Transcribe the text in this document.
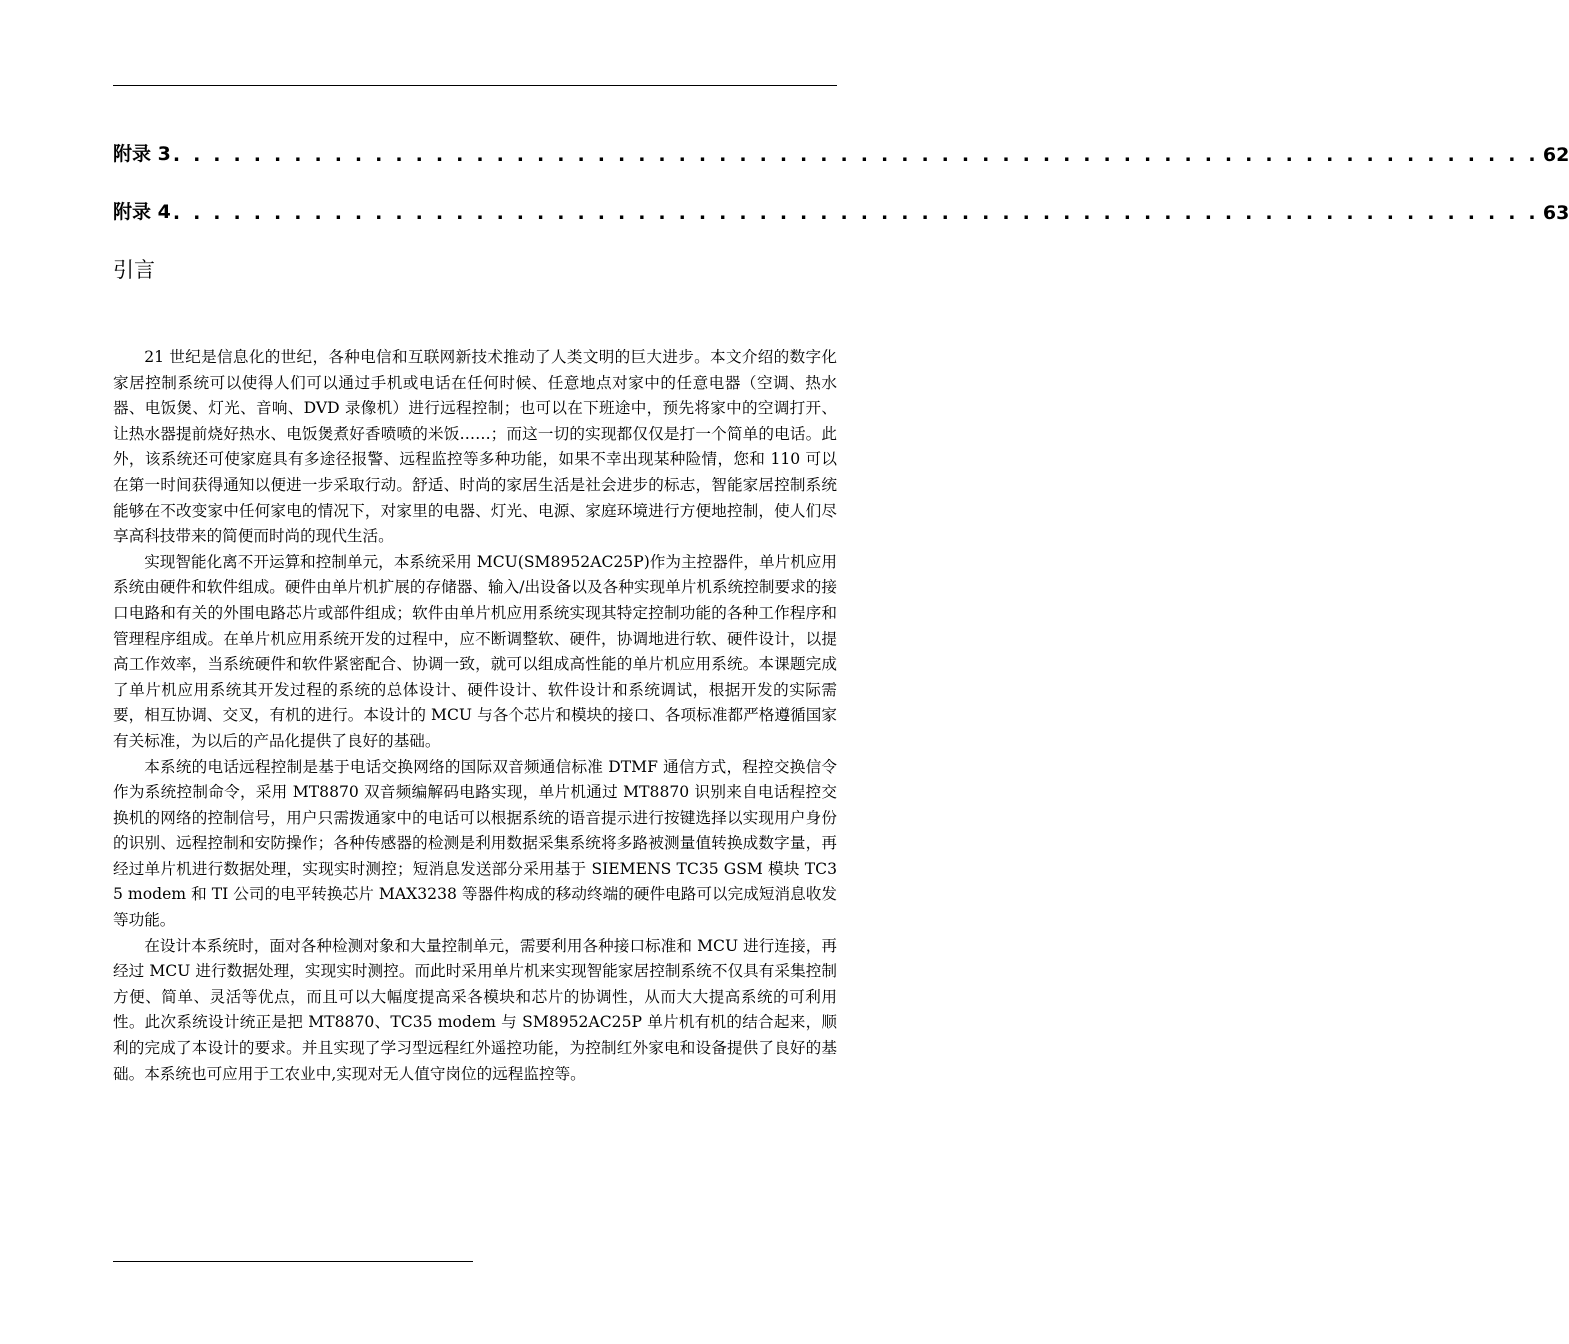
附录 3 . . . . . . . . . . . . . . . . . . . . . . . . . . . . . . . . . . . . . . . . . . . . . . . . . . . . . . . . . . . . . . . . . . . . 62
附录 4 . . . . . . . . . . . . . . . . . . . . . . . . . . . . . . . . . . . . . . . . . . . . . . . . . . . . . . . . . . . . . . . . . . . . 63
引言

21 世纪是信息化的世纪，各种电信和互联网新技术推动了人类文明的巨大进步。本文介绍的数字化家居控制系统可以使得人们可以通过手机或电话在任何时候、任意地点对家中的任意电器（空调、热水器、电饭煲、灯光、音响、DVD 录像机）进行远程控制；也可以在下班途中，预先将家中的空调打开、让热水器提前烧好热水、电饭煲煮好香喷喷的米饭……；而这一切的实现都仅仅是打一个简单的电话。此外，该系统还可使家庭具有多途径报警、远程监控等多种功能，如果不幸出现某种险情，您和 110 可以在第一时间获得通知以便进一步采取行动。舒适、时尚的家居生活是社会进步的标志，智能家居控制系统能够在不改变家中任何家电的情况下，对家里的电器、灯光、电源、家庭环境进行方便地控制，使人们尽享高科技带来的简便而时尚的现代生活。

实现智能化离不开运算和控制单元，本系统采用 MCU(SM8952AC25P)作为主控器件，单片机应用系统由硬件和软件组成。硬件由单片机扩展的存储器、输入/出设备以及各种实现单片机系统控制要求的接口电路和有关的外围电路芯片或部件组成；软件由单片机应用系统实现其特定控制功能的各种工作程序和管理程序组成。在单片机应用系统开发的过程中，应不断调整软、硬件，协调地进行软、硬件设计，以提高工作效率，当系统硬件和软件紧密配合、协调一致，就可以组成高性能的单片机应用系统。本课题完成了单片机应用系统其开发过程的系统的总体设计、硬件设计、软件设计和系统调试，根据开发的实际需要，相互协调、交叉，有机的进行。本设计的 MCU 与各个芯片和模块的接口、各项标准都严格遵循国家有关标准，为以后的产品化提供了良好的基础。

本系统的电话远程控制是基于电话交换网络的国际双音频通信标准 DTMF 通信方式，程控交换信令作为系统控制命令，采用 MT8870 双音频编解码电路实现，单片机通过 MT8870 识别来自电话程控交换机的网络的控制信号，用户只需拨通家中的电话可以根据系统的语音提示进行按键选择以实现用户身份的识别、远程控制和安防操作；各种传感器的检测是利用数据采集系统将多路被测量值转换成数字量，再经过单片机进行数据处理，实现实时测控；短消息发送部分采用基于 SIEMENS TC35 GSM 模块 TC35 modem 和 TI 公司的电平转换芯片 MAX3238 等器件构成的移动终端的硬件电路可以完成短消息收发等功能。

在设计本系统时，面对各种检测对象和大量控制单元，需要利用各种接口标准和 MCU 进行连接，再经过 MCU 进行数据处理，实现实时测控。而此时采用单片机来实现智能家居控制系统不仅具有采集控制方便、简单、灵活等优点，而且可以大幅度提高采各模块和芯片的协调性，从而大大提高系统的可利用性。此次系统设计统正是把 MT8870、TC35 modem 与 SM8952AC25P 单片机有机的结合起来，顺利的完成了本设计的要求。并且实现了学习型远程红外遥控功能，为控制红外家电和设备提供了良好的基础。本系统也可应用于工农业中,实现对无人值守岗位的远程监控等。
